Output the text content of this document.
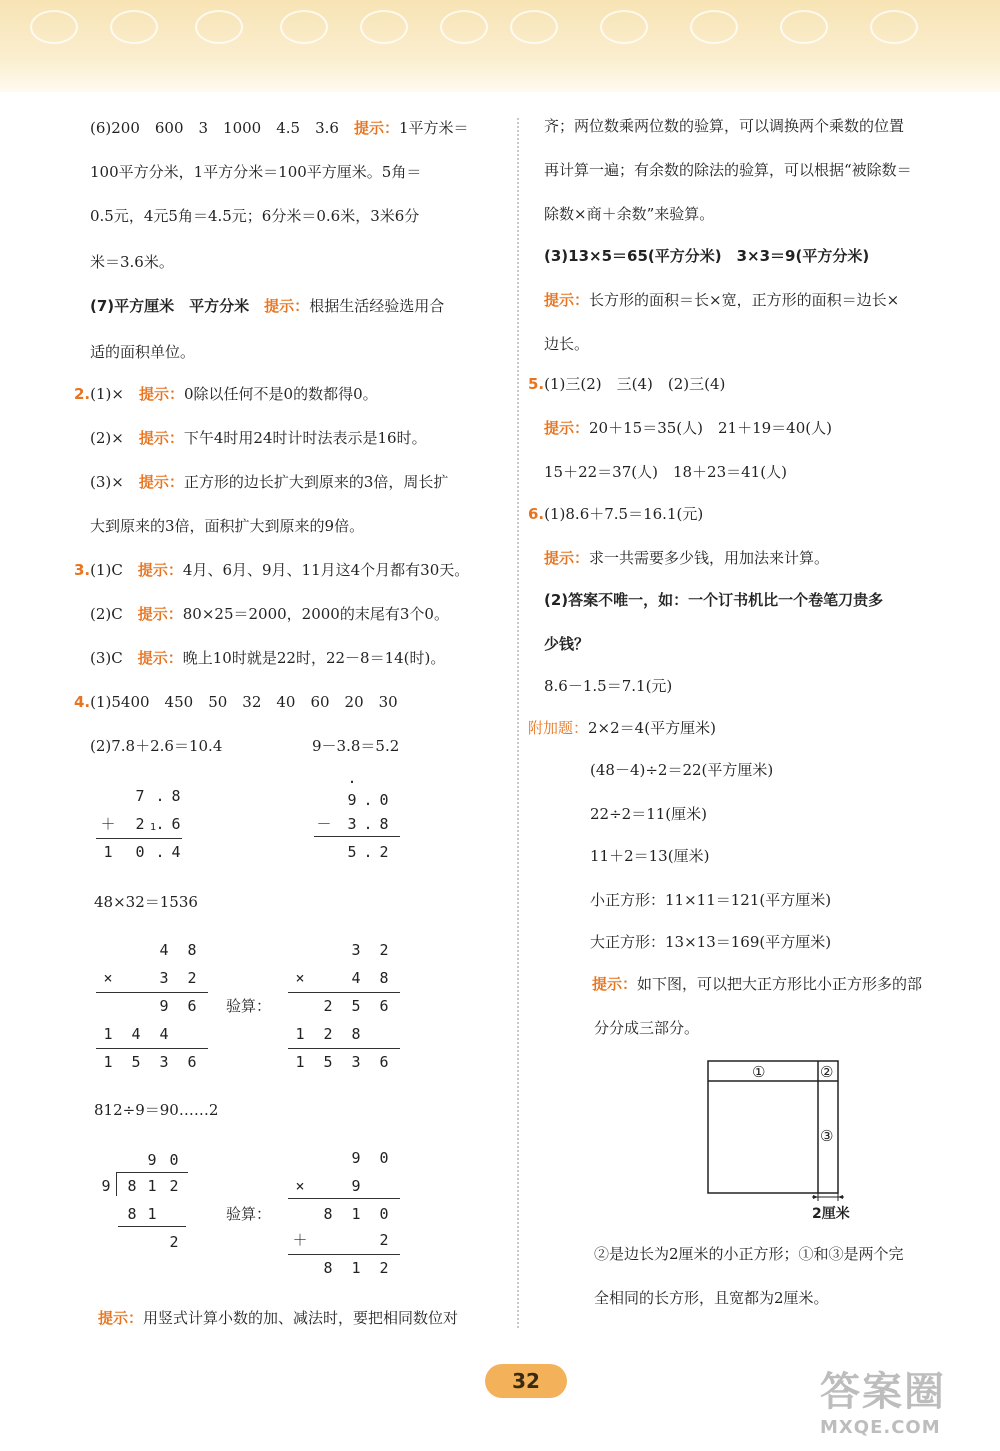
(6)200　600　3　1000　4.5　3.6　 提示：1平方米＝
100平方分米，1平方分米＝100平方厘米。5角＝
0.5元，4元5角＝4.5元；6分米＝0.6米，3米6分
米＝3.6米。
(7)平方厘米　平方分米　 提示：根据生活经验选用合
适的面积单位。
2.(1)×　 提示：0除以任何不是0的数都得0。
(2)×　 提示：下午4时用24时计时法表示是16时。
(3)×　 提示：正方形的边长扩大到原来的3倍，周长扩
大到原来的3倍，面积扩大到原来的9倍。
3.(1)C　 提示：4月、6月、9月、11月这4个月都有30天。
(2)C　 提示：80×25＝2000，2000的末尾有3个0。
(3)C　 提示：晚上10时就是22时，22－8＝14(时)。
4.(1)5400　450　50　32　40　60　20　30
(2)7.8＋2.6＝10.4	9－3.8＝5.2
7 . 8
＋	2 1 . 6
1	0 . 4
·
9 . 0
－	3 . 8
5 . 2
48×32＝1536
4	8
×	3	2
9	6
1	4	4
1	5	3	6
验算：
3	2
×	4	8
2	5	6
1	2	8
1	5	3	6
812÷9＝90……2
9 0
9	8 1 2
8 1
2
验算：
9	0
×	9
8	1	0
＋	2
8	1	2
提示：用竖式计算小数的加、减法时，要把相同数位对
齐；两位数乘两位数的验算，可以调换两个乘数的位置
再计算一遍；有余数的除法的验算，可以根据“被除数＝
除数×商＋余数”来验算。
(3)13×5＝65(平方分米)　3×3＝9(平方分米)
提示：长方形的面积＝长×宽，正方形的面积＝边长×
边长。
5.(1)三(2)　三(4)　(2)三(4)
提示：20＋15＝35(人)　21＋19＝40(人)
15＋22＝37(人)　18＋23＝41(人)
6.(1)8.6＋7.5＝16.1(元)
提示：求一共需要多少钱，用加法来计算。
(2)答案不唯一，如：一个订书机比一个卷笔刀贵多
少钱？
8.6－1.5＝7.1(元)
附加题：2×2＝4(平方厘米)
(48－4)÷2＝22(平方厘米)
22÷2＝11(厘米)
11＋2＝13(厘米)
小正方形：11×11＝121(平方厘米)
大正方形：13×13＝169(平方厘米)
提示：如下图，可以把大正方形比小正方形多的部
分分成三部分。
①	②
③
2厘米
②是边长为2厘米的小正方形；①和③是两个完
全相同的长方形，且宽都为2厘米。
32	答案圈
MXQE.COM
